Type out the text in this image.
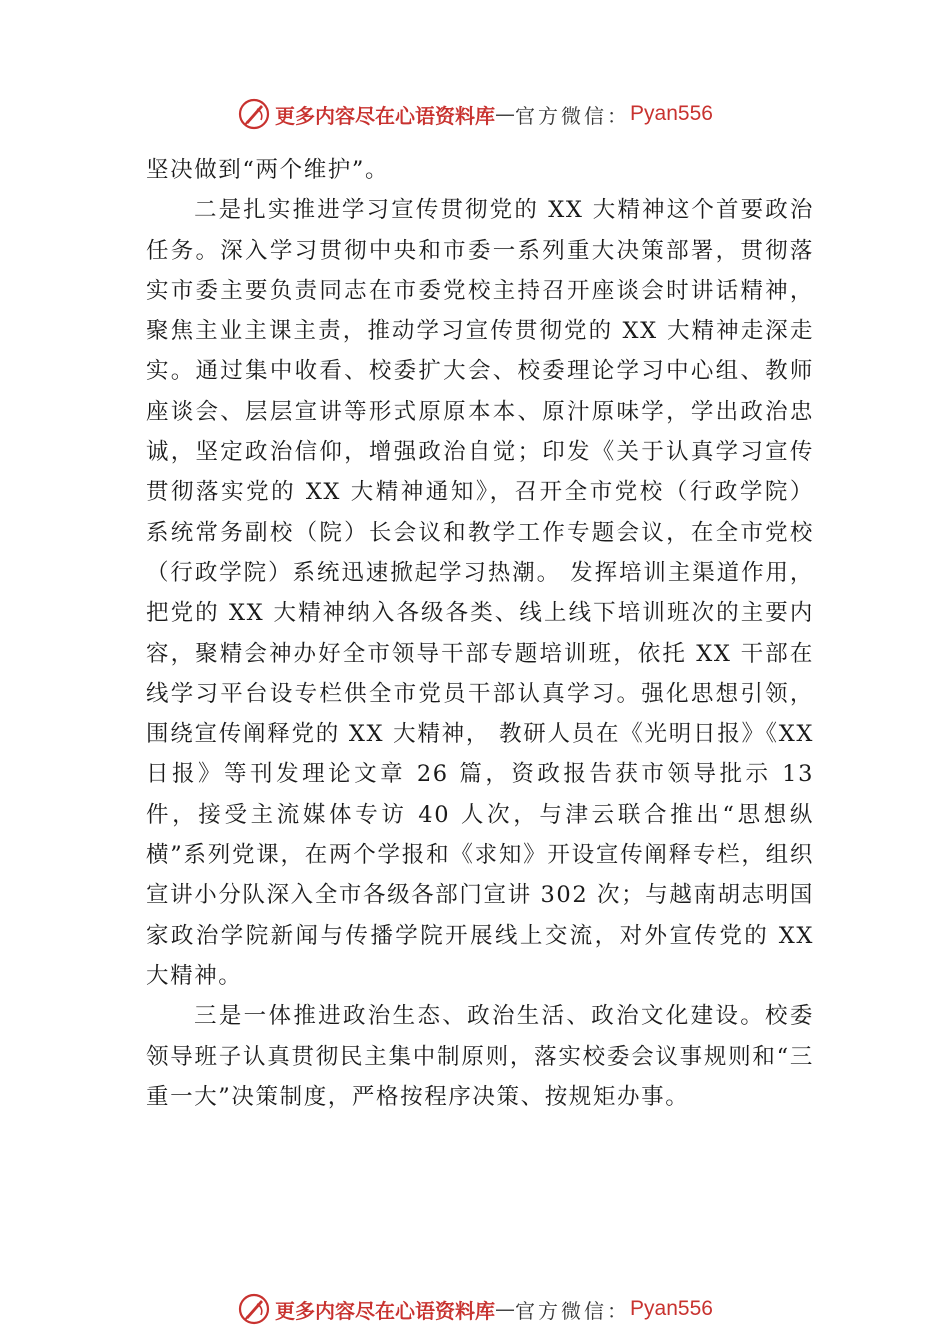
更多内容尽在心语资料库 — 官方微信： Pyan556

坚决做到“两个维护”。

二是扎实推进学习宣传贯彻党的 XX 大精神这个首要政治任务。深入学习贯彻中央和市委一系列重大决策部署，贯彻落实市委主要负责同志在市委党校主持召开座谈会时讲话精神，聚焦主业主课主责，推动学习宣传贯彻党的 XX 大精神走深走实。通过集中收看、校委扩大会、校委理论学习中心组、教师座谈会、层层宣讲等形式原原本本、原汁原味学，学出政治忠诚，坚定政治信仰，增强政治自觉；印发《关于认真学习宣传贯彻落实党的 XX 大精神通知》，召开全市党校（行政学院）系统常务副校（院）长会议和教学工作专题会议，在全市党校（行政学院）系统迅速掀起学习热潮。 发挥培训主渠道作用，把党的 XX 大精神纳入各级各类、线上线下培训班次的主要内容，聚精会神办好全市领导干部专题培训班，依托 XX 干部在线学习平台设专栏供全市党员干部认真学习。强化思想引领，围绕宣传阐释党的 XX 大精神， 教研人员在《光明日报》《XX 日报》等刊发理论文章 26 篇，资政报告获市领导批示 13 件，接受主流媒体专访 40 人次，与津云联合推出“思想纵横”系列党课，在两个学报和《求知》开设宣传阐释专栏，组织宣讲小分队深入全市各级各部门宣讲 302 次；与越南胡志明国家政治学院新闻与传播学院开展线上交流，对外宣传党的 XX 大精神。

三是一体推进政治生态、政治生活、政治文化建设。校委领导班子认真贯彻民主集中制原则，落实校委会议事规则和“三重一大”决策制度，严格按程序决策、按规矩办事。

更多内容尽在心语资料库 — 官方微信： Pyan556
